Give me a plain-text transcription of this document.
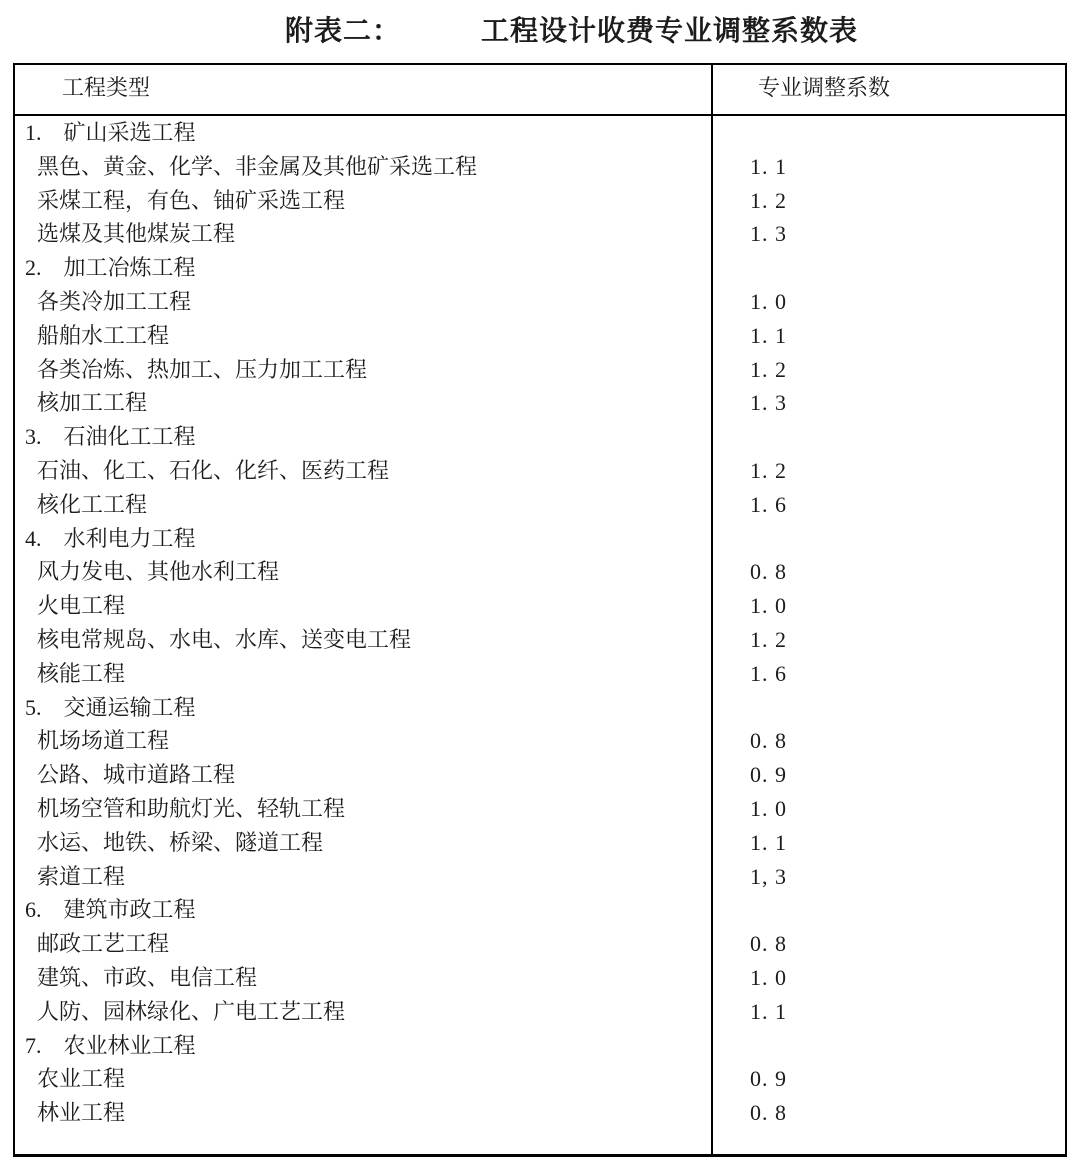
附表二：	工程设计收费专业调整系数表
工程类型	专业调整系数
1.　矿山采选工程
黑色、黄金、化学、非金属及其他矿采选工程	1. 1
采煤工程，有色、铀矿采选工程	1. 2
选煤及其他煤炭工程	1. 3
2.　加工冶炼工程
各类冷加工工程	1. 0
船舶水工工程	1. 1
各类冶炼、热加工、压力加工工程	1. 2
核加工工程	1. 3
3.　石油化工工程
石油、化工、石化、化纤、医药工程	1. 2
核化工工程	1. 6
4.　水利电力工程
风力发电、其他水利工程	0. 8
火电工程	1. 0
核电常规岛、水电、水库、送变电工程	1. 2
核能工程	1. 6
5.　交通运输工程
机场场道工程	0. 8
公路、城市道路工程	0. 9
机场空管和助航灯光、轻轨工程	1. 0
水运、地铁、桥梁、隧道工程	1. 1
索道工程	1, 3
6.　建筑市政工程
邮政工艺工程	0. 8
建筑、市政、电信工程	1. 0
人防、园林绿化、广电工艺工程	1. 1
7.　农业林业工程
农业工程	0. 9
林业工程	0. 8
